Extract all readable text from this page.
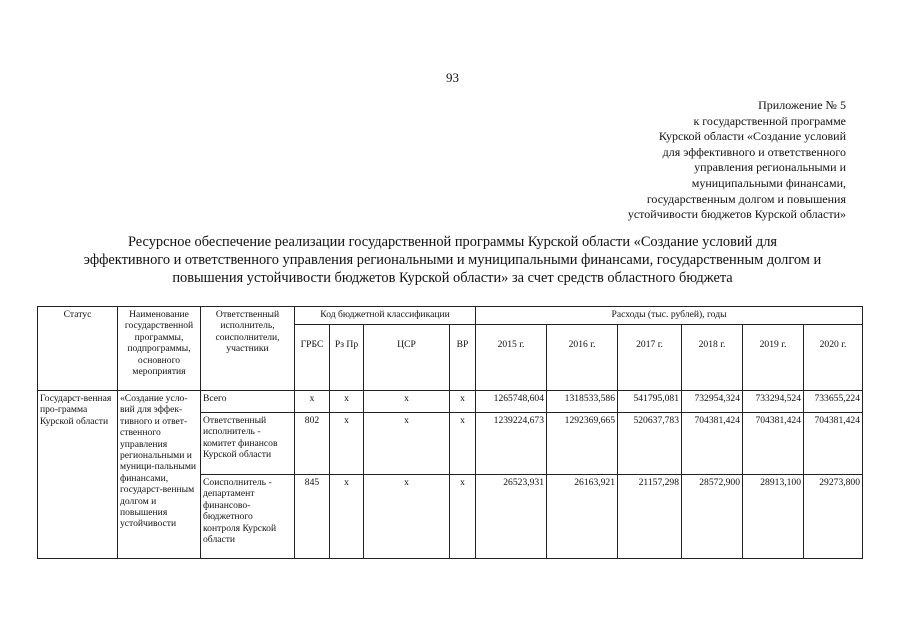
93
Приложение № 5
к государственной программе
Курской области «Создание условий
для эффективного и ответственного
управления региональными и
муниципальными финансами,
государственным долгом и повышения
устойчивости бюджетов Курской области»
Ресурсное обеспечение реализации государственной программы Курской области «Создание условий для
эффективного и ответственного управления региональными и муниципальными финансами, государственным долгом и
повышения устойчивости бюджетов Курской области» за счет средств областного бюджета
Статус	Наименование государственной программы, подпрограммы, основного мероприятия	Ответственный исполнитель, соисполнители, участники	Код бюджетной классификации				Расходы (тыс. рублей), годы					
			ГРБС	Рз Пр	ЦСР	ВР	2015 г.	2016 г.	2017 г.	2018 г.	2019 г.	2020 г.
Государст-венная про-грамма Курской области	«Создание усло-вий для эффек-тивного и ответ-ственного управления региональными и муници-пальными финансами, государст-венным долгом и повышения устойчивости	Всего	х	х	х	х	1265748,604	1318533,586	541795,081	732954,324	733294,524	733655,224
		Ответственный исполнитель - комитет финансов Курской области	802	х	х	х	1239224,673	1292369,665	520637,783	704381,424	704381,424	704381,424
		Соисполнитель - департамент финансово-бюджетного контроля Курской области	845	х	х	х	26523,931	26163,921	21157,298	28572,900	28913,100	29273,800
